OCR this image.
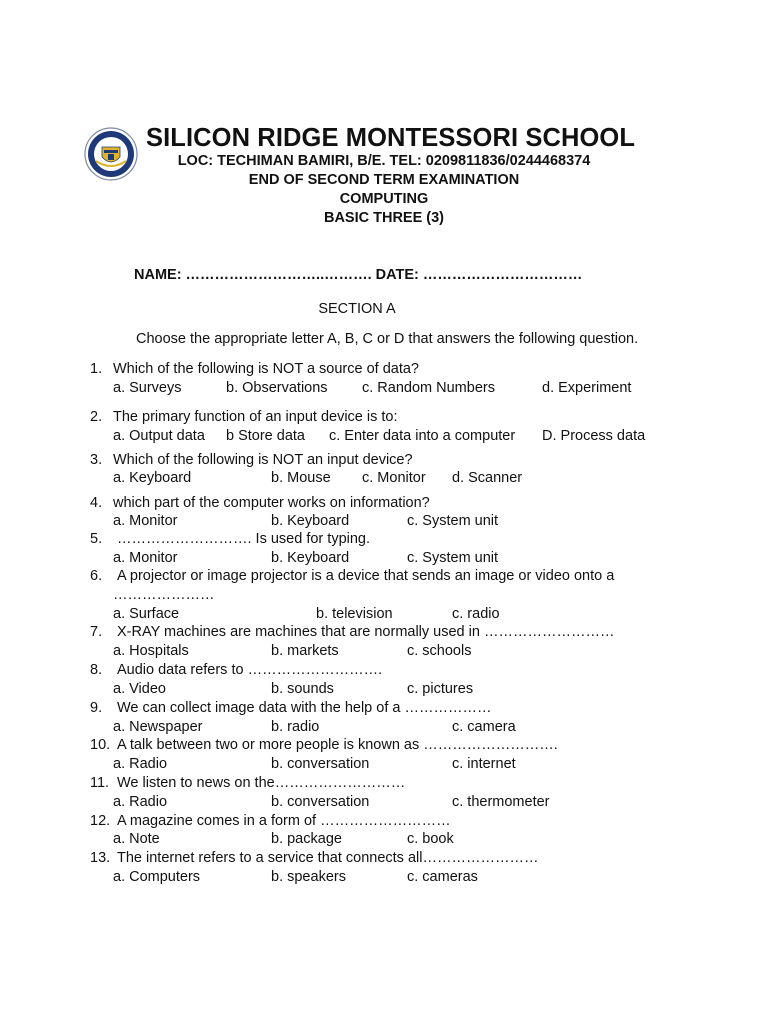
SILICON RIDGE MONTESSORI SCHOOL
LOC: TECHIMAN BAMIRI, B/E. TEL: 0209811836/0244468374
END OF SECOND TERM EXAMINATION
COMPUTING
BASIC THREE (3)
NAME: ………………………..………. DATE: ……………………………
SECTION A
Choose the appropriate letter A, B, C or D that answers the following question.
1. Which of the following is NOT a source of data?
a. Surveys	b. Observations c. Random Numbers	d. Experiment
2. The primary function of an input device is to:
a. Output data b Store data c. Enter data into a computer D. Process data
3. Which of the following is NOT an input device?
a. Keyboard	b. Mouse c. Monitor d. Scanner
4. which part of the computer works on information?
a. Monitor	b. Keyboard	c. System unit
5. ………………………. Is used for typing.
a. Monitor	b. Keyboard	c. System unit
6. A projector or image projector is a device that sends an image or video onto a
…………………
a. Surface	b. television	c. radio
7. X-RAY machines are machines that are normally used in ………………………
a. Hospitals	b. markets	c. schools
8. Audio data refers to ……………………….
a. Video	b. sounds	c. pictures
9. We can collect image data with the help of a ………………
a. Newspaper	b. radio	c. camera
10. A talk between two or more people is known as ……………………….
a. Radio	b. conversation	c. internet
11. We listen to news on the………………………
a. Radio	b. conversation	c. thermometer
12. A magazine comes in a form of ………………………
a. Note	b. package	c. book
13. The internet refers to a service that connects all……………………
a. Computers	b. speakers	c. cameras
